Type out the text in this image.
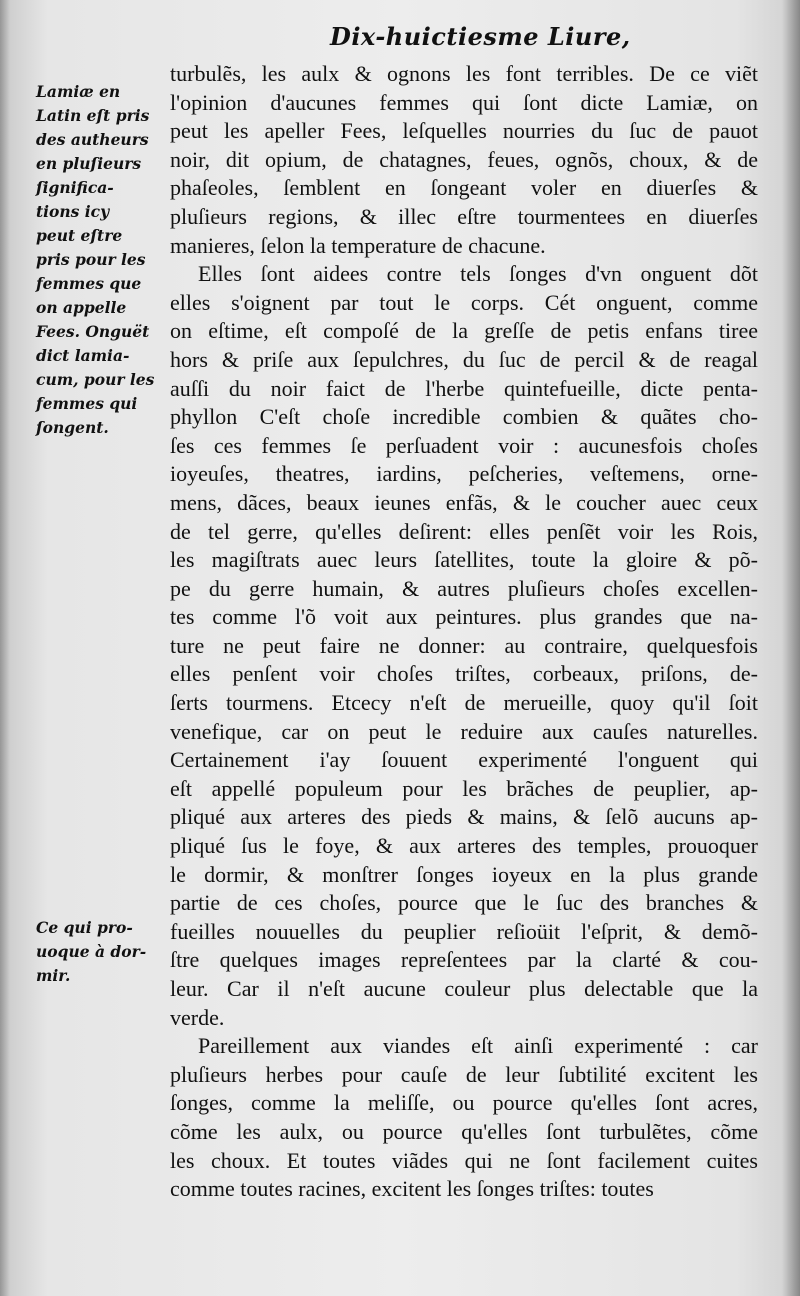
Dix-huictiesme Liure,
Lamiæ en
Latin eſt pris
des autheurs
en pluſieurs
ſignifica-
tions icy
peut eſtre
pris pour les
femmes que
on appelle
Fees. Onguët
dict lamia-
cum, pour les
femmes qui
ſongent.
Ce qui pro-
uoque à dor-
mir.
turbulẽs, les aulx & ognons les font terribles. De ce viẽt
l'opinion d'aucunes femmes qui ſont dicte Lamiæ, on
peut les apeller Fees, leſquelles nourries du ſuc de pauot
noir, dit opium, de chatagnes, feues, ognõs, choux, & de
phaſeoles, ſemblent en ſongeant voler en diuerſes &
pluſieurs regions, & illec eſtre tourmentees en diuerſes
manieres, ſelon la temperature de chacune.
Elles ſont aidees contre tels ſonges d'vn onguent dõt
elles s'oignent par tout le corps. Cét onguent, comme
on eſtime, eſt compoſé de la greſſe de petis enfans tiree
hors & priſe aux ſepulchres, du ſuc de percil & de reagal
auſſi du noir faict de l'herbe quintefueille, dicte penta-
phyllon C'eſt choſe incredible combien & quãtes cho-
ſes ces femmes ſe perſuadent voir : aucunesfois choſes
ioyeuſes, theatres, iardins, peſcheries, veſtemens, orne-
mens, dãces, beaux ieunes enfãs, & le coucher auec ceux
de tel gerre, qu'elles deſirent: elles penſẽt voir les Rois,
les magiſtrats auec leurs ſatellites, toute la gloire & põ-
pe du gerre humain, & autres pluſieurs choſes excellen-
tes comme l'õ voit aux peintures. plus grandes que na-
ture ne peut faire ne donner: au contraire, quelquesfois
elles penſent voir choſes triſtes, corbeaux, priſons, de-
ſerts tourmens. Etcecy n'eſt de merueille, quoy qu'il ſoit
venefique, car on peut le reduire aux cauſes naturelles.
Certainement i'ay ſouuent experimenté l'onguent qui
eſt appellé populeum pour les brãches de peuplier, ap-
pliqué aux arteres des pieds & mains, & ſelõ aucuns ap-
pliqué ſus le foye, & aux arteres des temples, prouoquer
le dormir, & monſtrer ſonges ioyeux en la plus grande
partie de ces choſes, pource que le ſuc des branches &
fueilles nouuelles du peuplier reſioüit l'eſprit, & demõ-
ſtre quelques images repreſentees par la clarté & cou-
leur. Car il n'eſt aucune couleur plus delectable que la
verde.
Pareillement aux viandes eſt ainſi experimenté : car
pluſieurs herbes pour cauſe de leur ſubtilité excitent les
ſonges, comme la meliſſe, ou pource qu'elles ſont acres,
cõme les aulx, ou pource qu'elles ſont turbulẽtes, cõme
les choux. Et toutes viãdes qui ne ſont facilement cuites
comme toutes racines, excitent les ſonges triſtes: toutes
